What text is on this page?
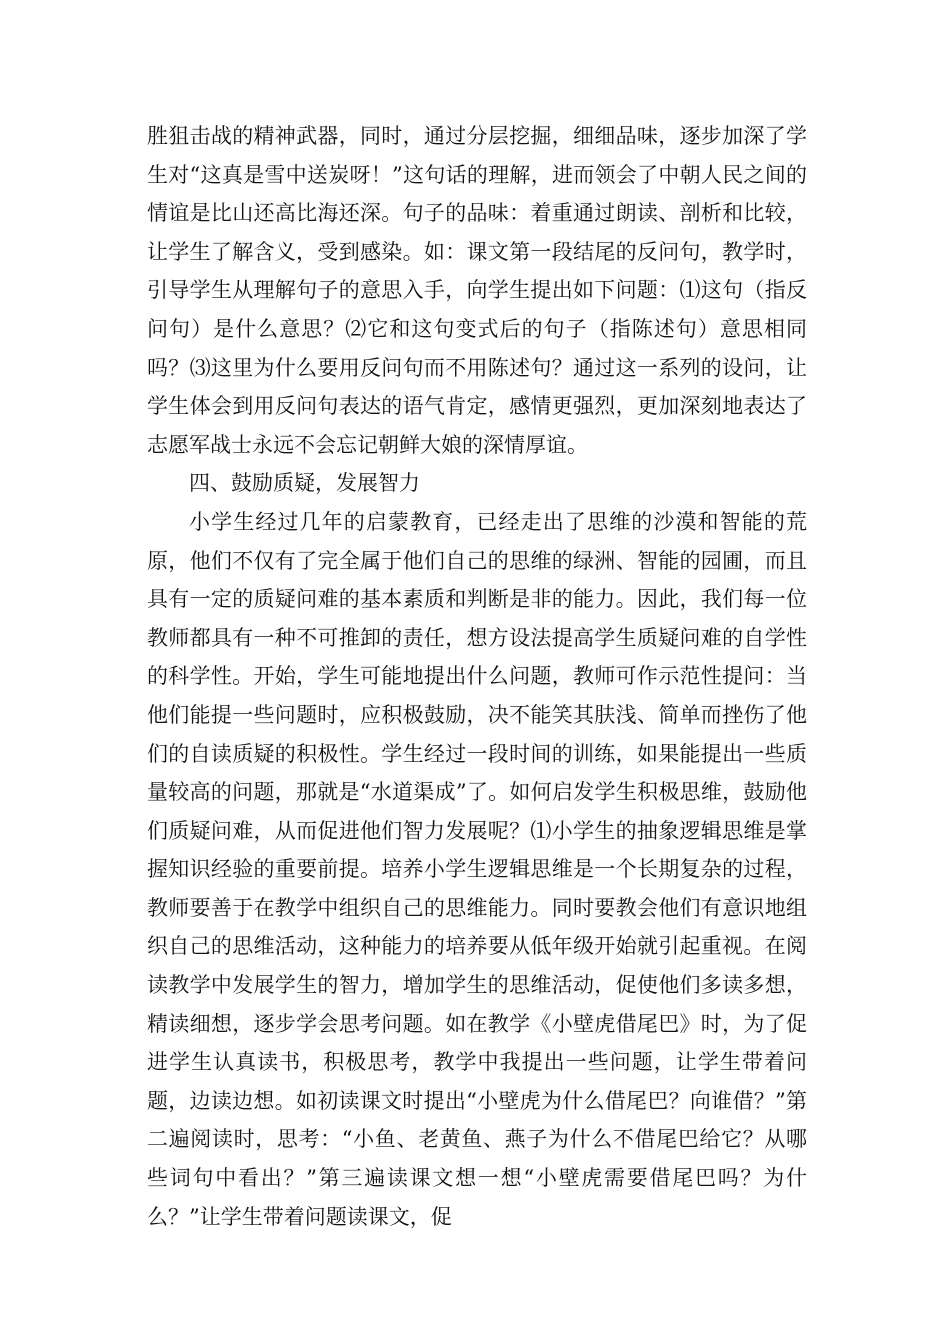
胜狙击战的精神武器，同时，通过分层挖掘，细细品味，逐步加深了学生对“这真是雪中送炭呀！”这句话的理解，进而领会了中朝人民之间的情谊是比山还高比海还深。句子的品味：着重通过朗读、剖析和比较，让学生了解含义，受到感染。如：课文第一段结尾的反问句，教学时，引导学生从理解句子的意思入手，向学生提出如下问题：⑴这句（指反问句）是什么意思？⑵它和这句变式后的句子（指陈述句）意思相同吗？⑶这里为什么要用反问句而不用陈述句？通过这一系列的设问，让学生体会到用反问句表达的语气肯定，感情更强烈，更加深刻地表达了志愿军战士永远不会忘记朝鲜大娘的深情厚谊。

四、鼓励质疑，发展智力

小学生经过几年的启蒙教育，已经走出了思维的沙漠和智能的荒原，他们不仅有了完全属于他们自己的思维的绿洲、智能的园圃，而且具有一定的质疑问难的基本素质和判断是非的能力。因此，我们每一位教师都具有一种不可推卸的责任，想方设法提高学生质疑问难的自学性的科学性。开始，学生可能地提出什么问题，教师可作示范性提问：当他们能提一些问题时，应积极鼓励，决不能笑其肤浅、简单而挫伤了他们的自读质疑的积极性。学生经过一段时间的训练，如果能提出一些质量较高的问题，那就是“水道渠成”了。如何启发学生积极思维，鼓励他们质疑问难，从而促进他们智力发展呢？⑴小学生的抽象逻辑思维是掌握知识经验的重要前提。培养小学生逻辑思维是一个长期复杂的过程，教师要善于在教学中组织自己的思维能力。同时要教会他们有意识地组织自己的思维活动，这种能力的培养要从低年级开始就引起重视。在阅读教学中发展学生的智力，增加学生的思维活动，促使他们多读多想，精读细想，逐步学会思考问题。如在教学《小壁虎借尾巴》时，为了促进学生认真读书，积极思考，教学中我提出一些问题，让学生带着问题，边读边想。如初读课文时提出“小壁虎为什么借尾巴？向谁借？”第二遍阅读时，思考：“小鱼、老黄鱼、燕子为什么不借尾巴给它？从哪些词句中看出？”第三遍读课文想一想“小壁虎需要借尾巴吗？为什么？”让学生带着问题读课文，促
